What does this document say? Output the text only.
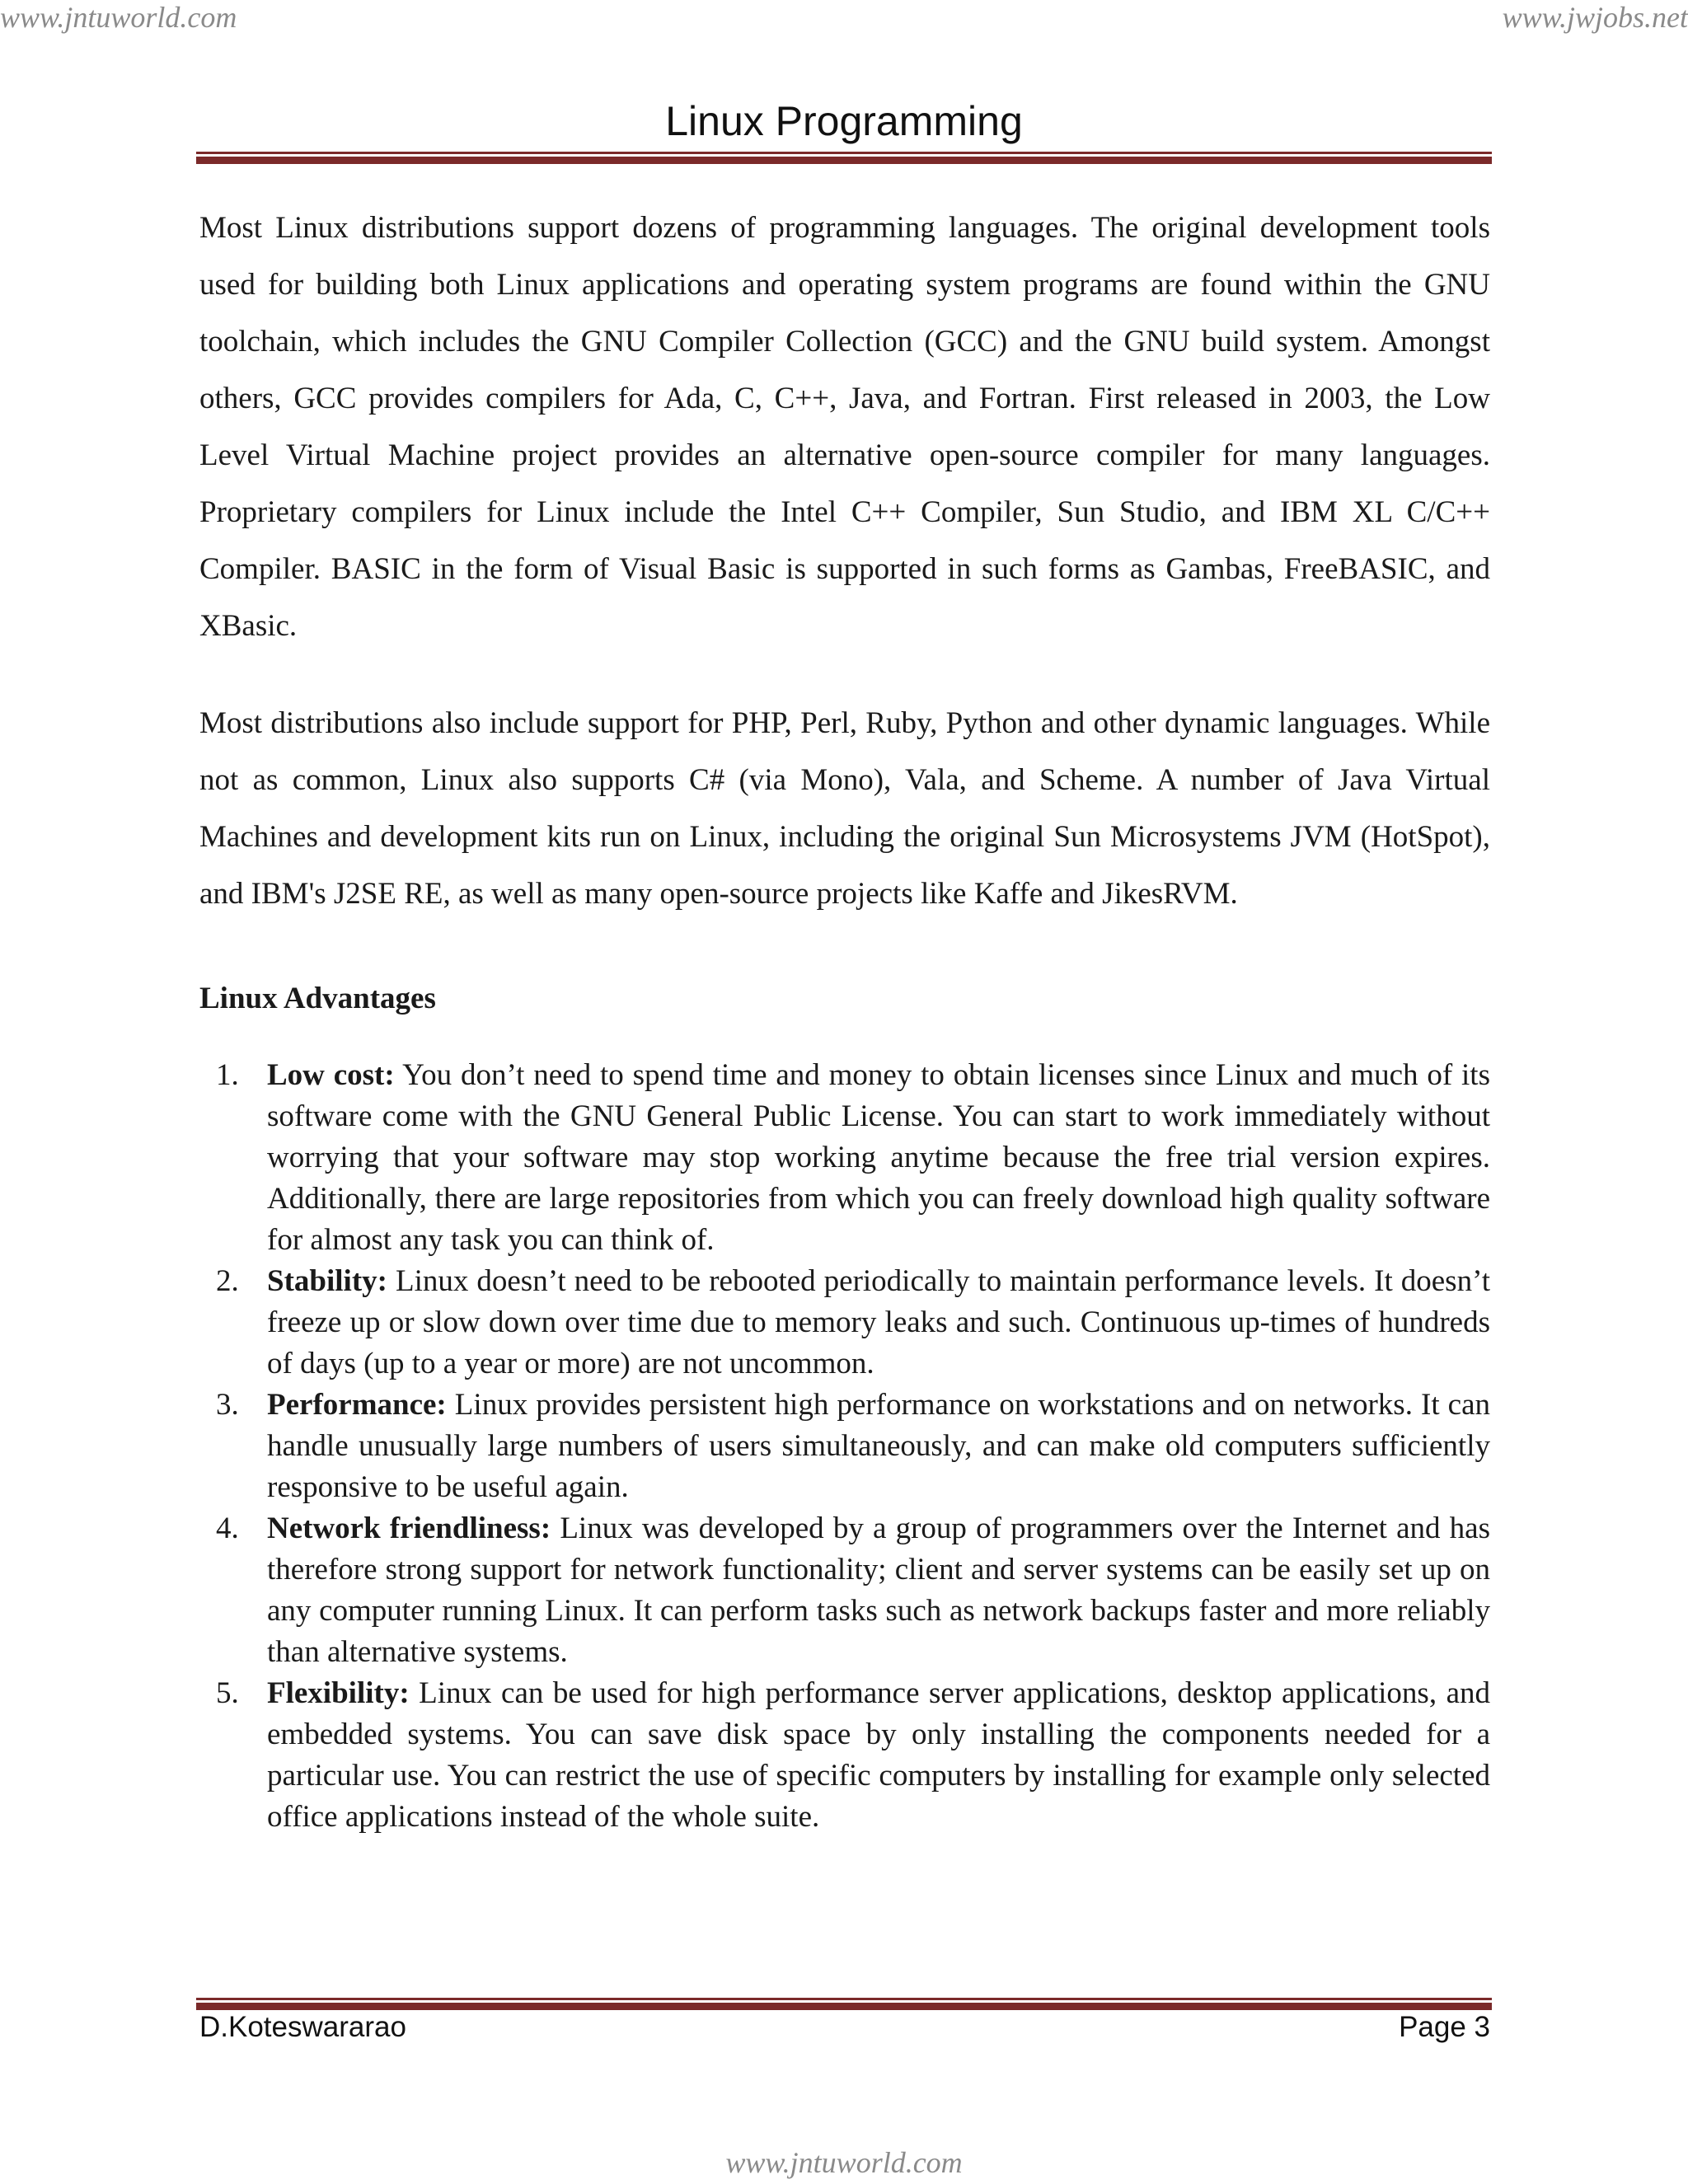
www.jntuworld.com	www.jwjobs.net
Linux Programming

Most Linux distributions support dozens of programming languages. The original development tools used for building both Linux applications and operating system programs are found within the GNU toolchain, which includes the GNU Compiler Collection (GCC) and the GNU build system. Amongst others, GCC provides compilers for Ada, C, C++, Java, and Fortran. First released in 2003, the Low Level Virtual Machine project provides an alternative open-source compiler for many languages. Proprietary compilers for Linux include the Intel C++ Compiler, Sun Studio, and IBM XL C/C++ Compiler. BASIC in the form of Visual Basic is supported in such forms as Gambas, FreeBASIC, and XBasic.

Most distributions also include support for PHP, Perl, Ruby, Python and other dynamic languages. While not as common, Linux also supports C# (via Mono), Vala, and Scheme. A number of Java Virtual Machines and development kits run on Linux, including the original Sun Microsystems JVM (HotSpot), and IBM's J2SE RE, as well as many open-source projects like Kaffe and JikesRVM.

Linux Advantages
1. Low cost: You don’t need to spend time and money to obtain licenses since Linux and much of its software come with the GNU General Public License. You can start to work immediately without worrying that your software may stop working anytime because the free trial version expires. Additionally, there are large repositories from which you can freely download high quality software for almost any task you can think of.
2. Stability: Linux doesn’t need to be rebooted periodically to maintain performance levels. It doesn’t freeze up or slow down over time due to memory leaks and such. Continuous up-times of hundreds of days (up to a year or more) are not uncommon.
3. Performance: Linux provides persistent high performance on workstations and on networks. It can handle unusually large numbers of users simultaneously, and can make old computers sufficiently responsive to be useful again.
4. Network friendliness: Linux was developed by a group of programmers over the Internet and has therefore strong support for network functionality; client and server systems can be easily set up on any computer running Linux. It can perform tasks such as network backups faster and more reliably than alternative systems.
5. Flexibility: Linux can be used for high performance server applications, desktop applications, and embedded systems. You can save disk space by only installing the components needed for a particular use. You can restrict the use of specific computers by installing for example only selected office applications instead of the whole suite.
D.Koteswararao	Page 3
www.jntuworld.com
